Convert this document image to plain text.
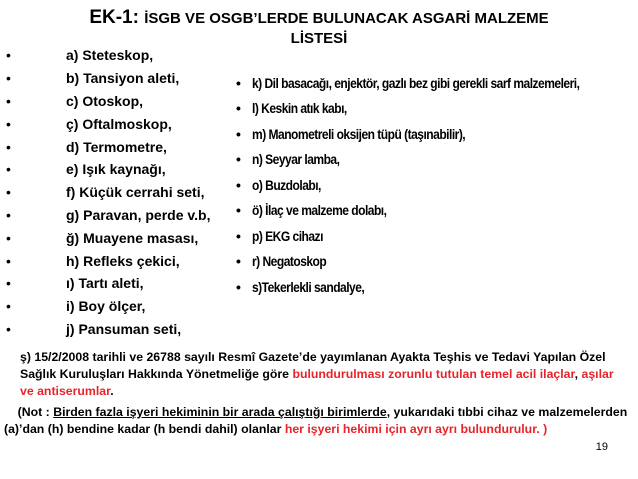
EK-1: İSGB VE OSGB’LERDE BULUNACAK ASGARİ MALZEME
LİSTESİ
•	a) Steteskop,
•	b) Tansiyon aleti,
•	c) Otoskop,
•	ç) Oftalmoskop,
•	d) Termometre,
•	e) Işık kaynağı,
•	f) Küçük cerrahi seti,
•	g) Paravan, perde v.b,
•	ğ) Muayene masası,
•	h) Refleks çekici,
•	ı) Tartı aleti,
•	i) Boy ölçer,
•	j) Pansuman seti,
• k) Dil basacağı, enjektör, gazlı bez gibi gerekli sarf malzemeleri,
• l) Keskin atık kabı,
• m) Manometreli oksijen tüpü (taşınabilir),
• n) Seyyar lamba,
• o) Buzdolabı,
• ö) İlaç ve malzeme dolabı,
• p) EKG cihazı
• r) Negatoskop
• s)Tekerlekli sandalye,
ş) 15/2/2008 tarihli ve 26788 sayılı Resmî Gazete’de yayımlanan Ayakta Teşhis ve Tedavi Yapılan Özel Sağlık Kuruluşları Hakkında Yönetmeliğe göre bulundurulması zorunlu tutulan temel acil ilaçlar, aşılar ve antiserumlar.
(Not : Birden fazla işyeri hekiminin bir arada çalıştığı birimlerde, yukarıdaki tıbbi cihaz ve malzemelerden (a)’dan (h) bendine kadar (h bendi dahil) olanlar her işyeri hekimi için ayrı ayrı bulundurulur. )
19
